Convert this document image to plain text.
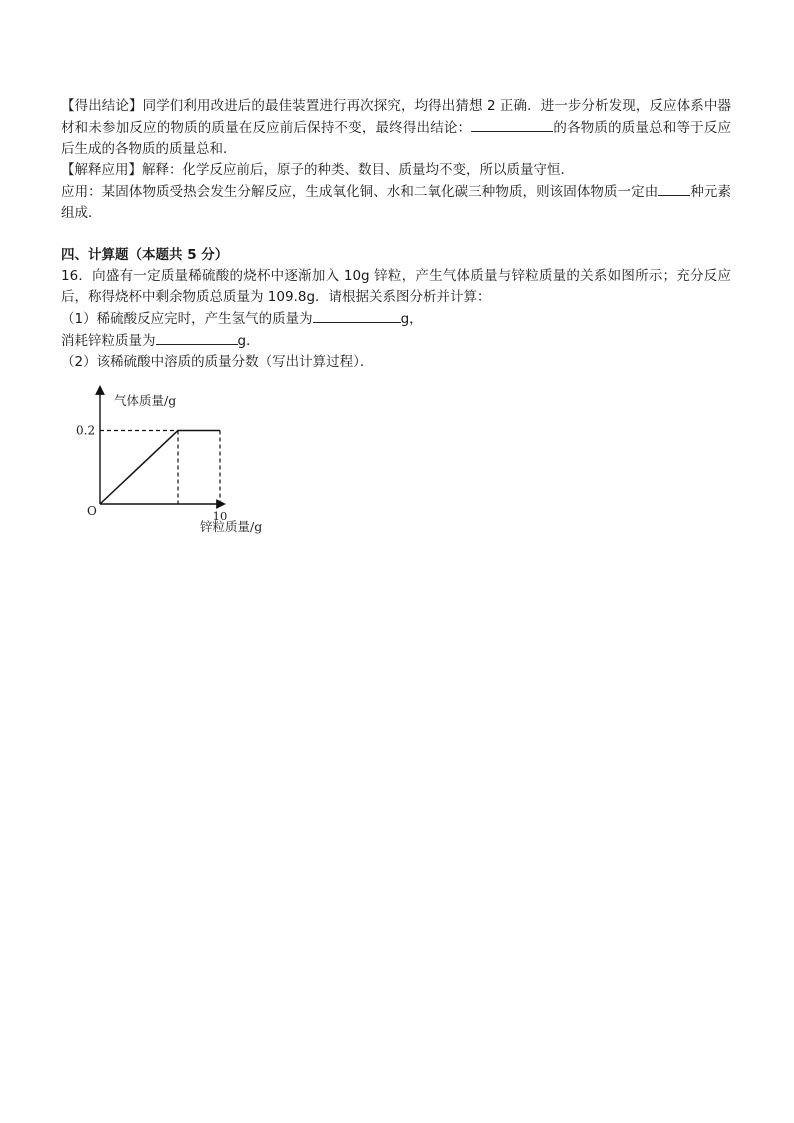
【得出结论】同学们利用改进后的最佳装置进行再次探究，均得出猜想 2 正确．进一步分析发现，反应体系中器材和未参加反应的物质的质量在反应前后保持不变，最终得出结论：	的各物质的质量总和等于反应后生成的各物质的质量总和．

【解释应用】解释：化学反应前后，原子的种类、数目、质量均不变，所以质量守恒．

应用：某固体物质受热会发生分解反应，生成氧化铜、水和二氧化碳三种物质，则该固体物质一定由 种元素组成．

四、计算题（本题共 5 分）

16．向盛有一定质量稀硫酸的烧杯中逐渐加入 10g 锌粒，产生气体质量与锌粒质量的关系如图所示；充分反应后，称得烧杯中剩余物质总质量为 109.8g．请根据关系图分析并计算：

（1）稀硫酸反应完时，产生氢气的质量为	g，

消耗锌粒质量为	g．

（2）该稀硫酸中溶质的质量分数（写出计算过程）．

气体质量/g
锌粒质量/g
O
0.2
10
